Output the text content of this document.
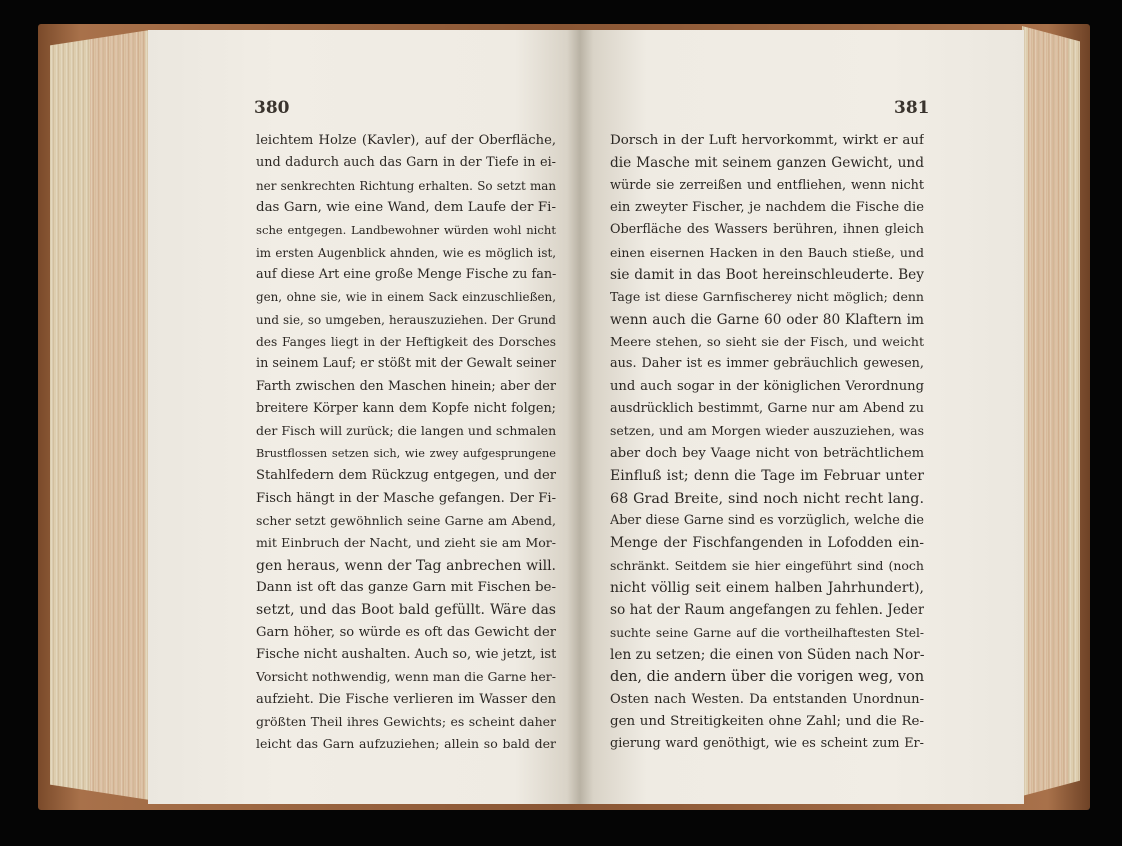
380
leichtem Holze (Kavler), auf der Oberfläche,
und dadurch auch das Garn in der Tiefe in ei-
ner senkrechten Richtung erhalten. So setzt man
das Garn, wie eine Wand, dem Laufe der Fi-
sche entgegen. Landbewohner würden wohl nicht
im ersten Augenblick ahnden, wie es möglich ist,
auf diese Art eine große Menge Fische zu fan-
gen, ohne sie, wie in einem Sack einzuschließen,
und sie, so umgeben, herauszuziehen. Der Grund
des Fanges liegt in der Heftigkeit des Dorsches
in seinem Lauf; er stößt mit der Gewalt seiner
Farth zwischen den Maschen hinein; aber der
breitere Körper kann dem Kopfe nicht folgen;
der Fisch will zurück; die langen und schmalen
Brustflossen setzen sich, wie zwey aufgesprungene
Stahlfedern dem Rückzug entgegen, und der
Fisch hängt in der Masche gefangen. Der Fi-
scher setzt gewöhnlich seine Garne am Abend,
mit Einbruch der Nacht, und zieht sie am Mor-
gen heraus, wenn der Tag anbrechen will.
Dann ist oft das ganze Garn mit Fischen be-
setzt, und das Boot bald gefüllt. Wäre das
Garn höher, so würde es oft das Gewicht der
Fische nicht aushalten. Auch so, wie jetzt, ist
Vorsicht nothwendig, wenn man die Garne her-
aufzieht. Die Fische verlieren im Wasser den
größten Theil ihres Gewichts; es scheint daher
leicht das Garn aufzuziehen; allein so bald der
381
Dorsch in der Luft hervorkommt, wirkt er auf
die Masche mit seinem ganzen Gewicht, und
würde sie zerreißen und entfliehen, wenn nicht
ein zweyter Fischer, je nachdem die Fische die
Oberfläche des Wassers berühren, ihnen gleich
einen eisernen Hacken in den Bauch stieße, und
sie damit in das Boot hereinschleuderte. Bey
Tage ist diese Garnfischerey nicht möglich; denn
wenn auch die Garne 60 oder 80 Klaftern im
Meere stehen, so sieht sie der Fisch, und weicht
aus. Daher ist es immer gebräuchlich gewesen,
und auch sogar in der königlichen Verordnung
ausdrücklich bestimmt, Garne nur am Abend zu
setzen, und am Morgen wieder auszuziehen, was
aber doch bey Vaage nicht von beträchtlichem
Einfluß ist; denn die Tage im Februar unter
68 Grad Breite, sind noch nicht recht lang.
Aber diese Garne sind es vorzüglich, welche die
Menge der Fischfangenden in Lofodden ein-
schränkt. Seitdem sie hier eingeführt sind (noch
nicht völlig seit einem halben Jahrhundert),
so hat der Raum angefangen zu fehlen. Jeder
suchte seine Garne auf die vortheilhaftesten Stel-
len zu setzen; die einen von Süden nach Nor-
den, die andern über die vorigen weg, von
Osten nach Westen. Da entstanden Unordnun-
gen und Streitigkeiten ohne Zahl; und die Re-
gierung ward genöthigt, wie es scheint zum Er-
